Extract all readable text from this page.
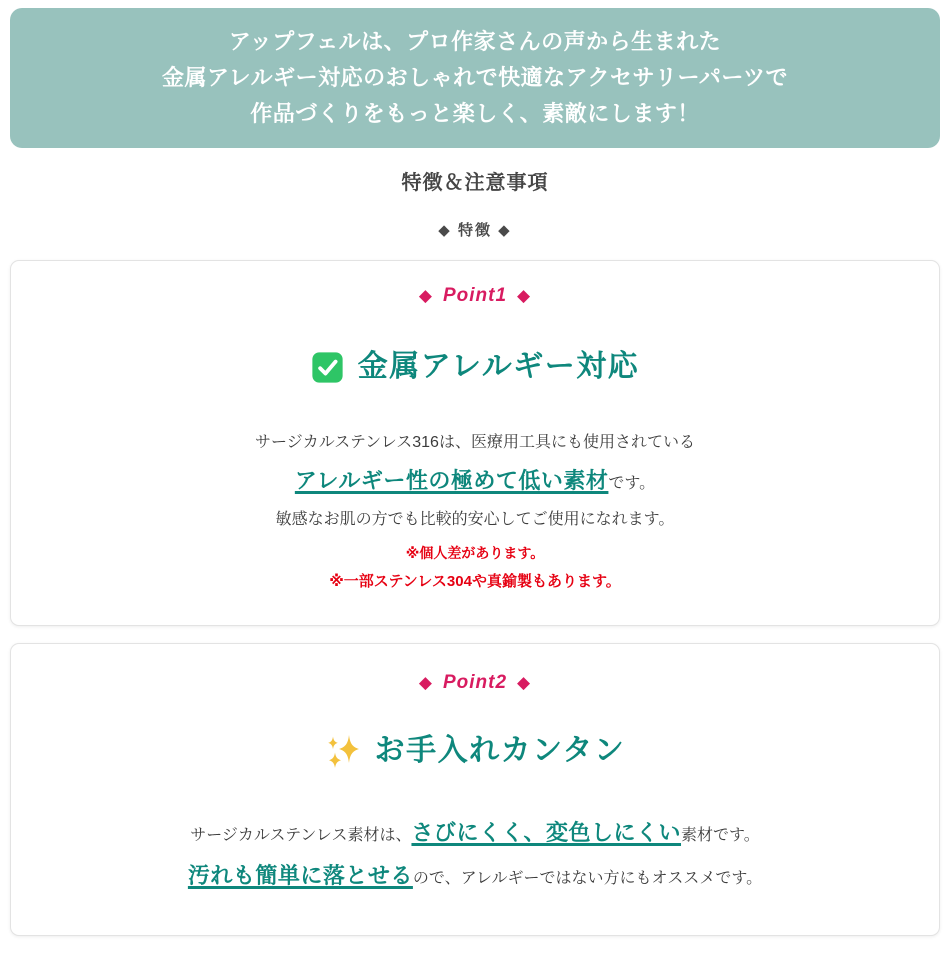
アップフェルは、プロ作家さんの声から生まれた

金属アレルギー対応のおしゃれで快適なアクセサリーパーツで

作品づくりをもっと楽しく、素敵にします！

特徴＆注意事項
◆ 特徴 ◆
◆ Point1 ◆
金属アレルギー対応

サージカルステンレス316は、医療用工具にも使用されている

アレルギー性の極めて低い素材です。

敏感なお肌の方でも比較的安心してご使用になれます。

※個人差があります。

※一部ステンレス304や真鍮製もあります。

◆ Point2 ◆
お手入れカンタン

サージカルステンレス素材は、さびにくく、変色しにくい素材です。

汚れも簡単に落とせるので、アレルギーではない方にもオススメです。
